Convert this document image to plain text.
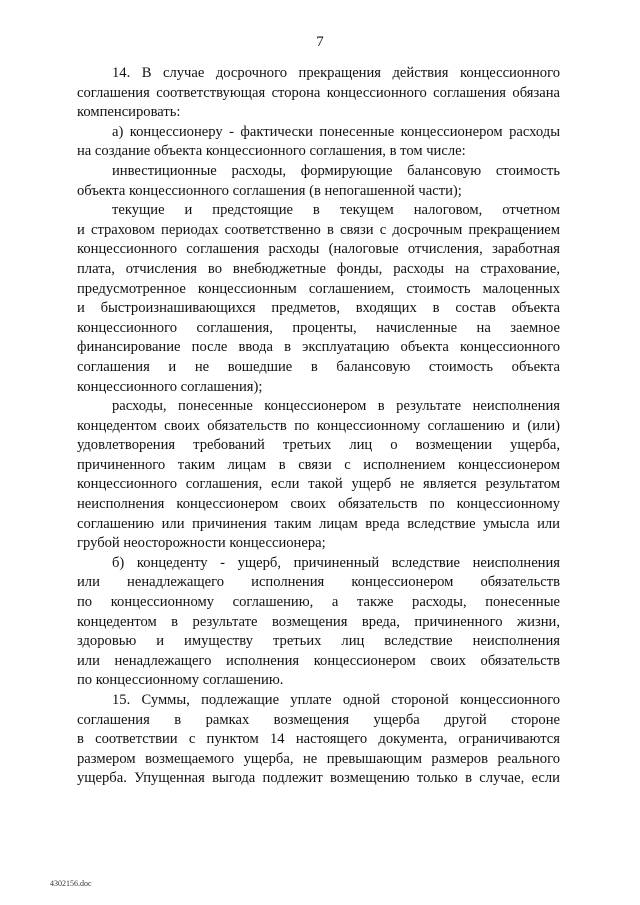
7
14. В случае досрочного прекращения действия концессионного
соглашения соответствующая сторона концессионного соглашения обязана
компенсировать:
а) концессионеру - фактически понесенные концессионером расходы
на создание объекта концессионного соглашения, в том числе:
инвестиционные расходы, формирующие балансовую стоимость
объекта концессионного соглашения (в непогашенной части);
текущие и предстоящие в текущем налоговом, отчетном
и страховом периодах соответственно в связи с досрочным прекращением
концессионного соглашения расходы (налоговые отчисления, заработная
плата, отчисления во внебюджетные фонды, расходы на страхование,
предусмотренное концессионным соглашением, стоимость малоценных
и быстроизнашивающихся предметов, входящих в состав объекта
концессионного соглашения, проценты, начисленные на заемное
финансирование после ввода в эксплуатацию объекта концессионного
соглашения и не вошедшие в балансовую стоимость объекта
концессионного соглашения);
расходы, понесенные концессионером в результате неисполнения
концедентом своих обязательств по концессионному соглашению и (или)
удовлетворения требований третьих лиц о возмещении ущерба,
причиненного таким лицам в связи с исполнением концессионером
концессионного соглашения, если такой ущерб не является результатом
неисполнения концессионером своих обязательств по концессионному
соглашению или причинения таким лицам вреда вследствие умысла или
грубой неосторожности концессионера;
б) концеденту - ущерб, причиненный вследствие неисполнения
или ненадлежащего исполнения концессионером обязательств
по концессионному соглашению, а также расходы, понесенные
концедентом в результате возмещения вреда, причиненного жизни,
здоровью и имуществу третьих лиц вследствие неисполнения
или ненадлежащего исполнения концессионером своих обязательств
по концессионному соглашению.
15. Суммы, подлежащие уплате одной стороной концессионного
соглашения в рамках возмещения ущерба другой стороне
в соответствии с пунктом 14 настоящего документа, ограничиваются
размером возмещаемого ущерба, не превышающим размеров реального
ущерба. Упущенная выгода подлежит возмещению только в случае, если
4302156.doc
